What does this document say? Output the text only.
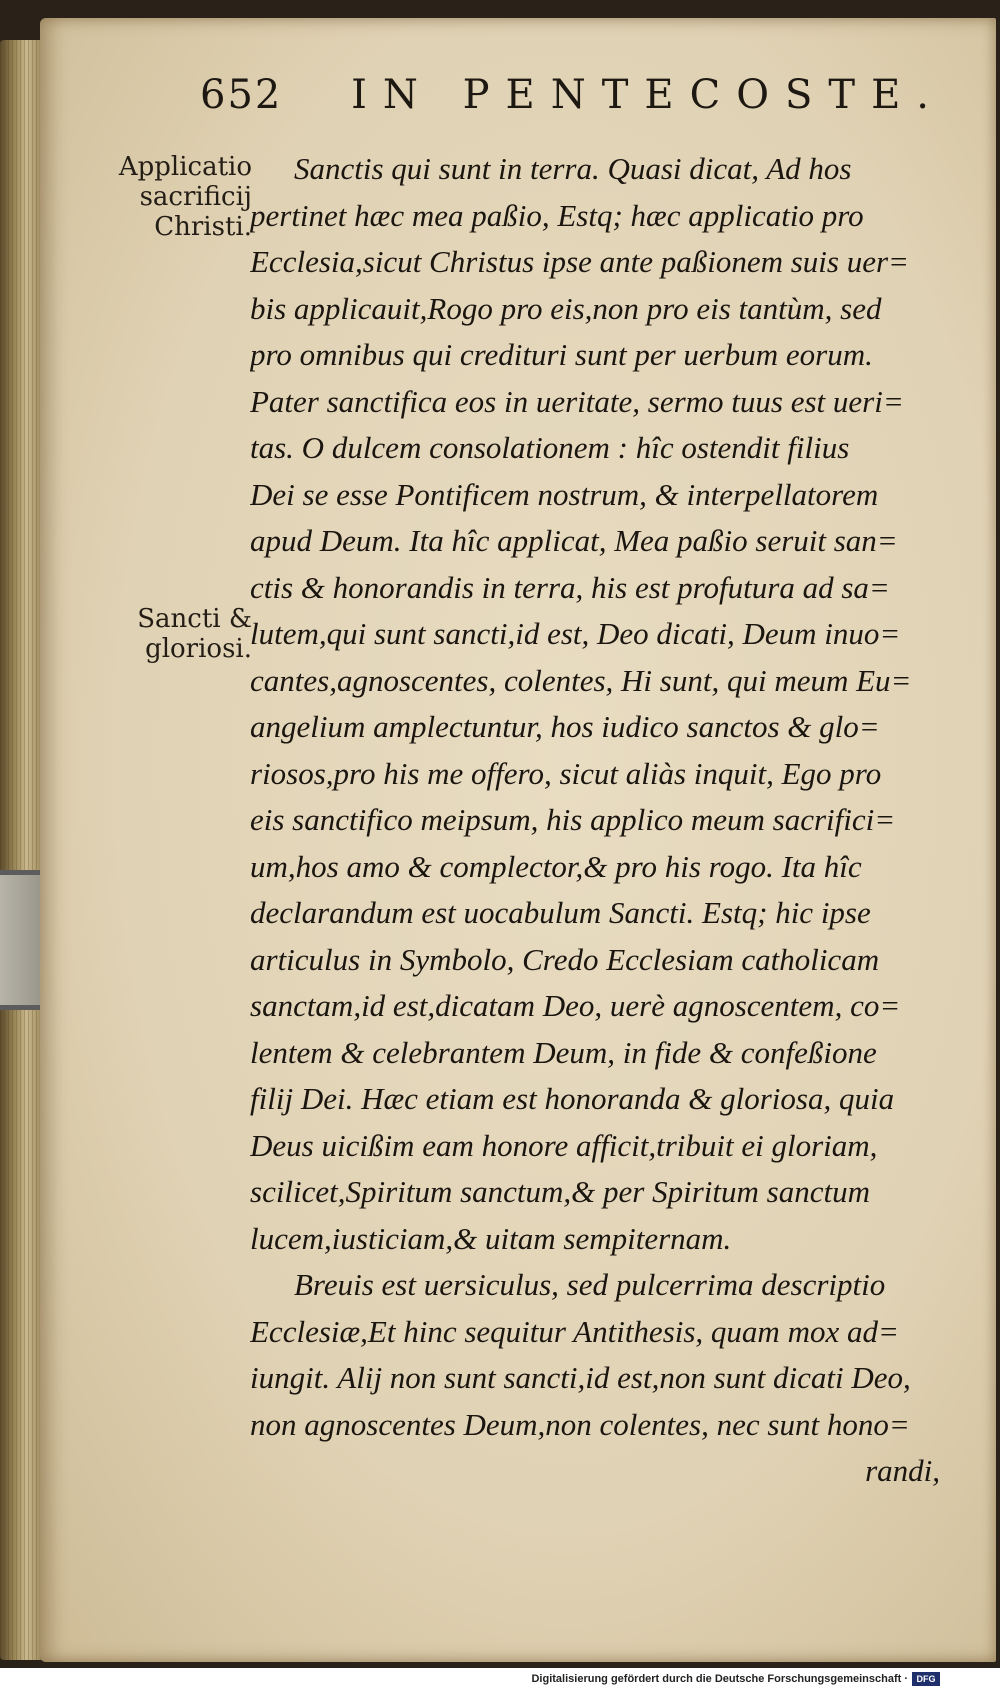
652 IN PENTECOSTE.
Applicatio sacrificij Christi.
Sancti & gloriosi.
Sanctis qui sunt in terra. Quasi dicat, Ad hos
pertinet hæc mea paßio, Estq; hæc applicatio pro
Ecclesia,sicut Christus ipse ante paßionem suis uer=
bis applicauit,Rogo pro eis,non pro eis tantùm, sed
pro omnibus qui credituri sunt per uerbum eorum.
Pater sanctifica eos in ueritate, sermo tuus est ueri=
tas. O dulcem consolationem : hîc ostendit filius
Dei se esse Pontificem nostrum, & interpellatorem
apud Deum. Ita hîc applicat, Mea paßio seruit san=
ctis & honorandis in terra, his est profutura ad sa=
lutem,qui sunt sancti,id est, Deo dicati, Deum inuo=
cantes,agnoscentes, colentes, Hi sunt, qui meum Eu=
angelium amplectuntur, hos iudico sanctos & glo=
riosos,pro his me offero, sicut aliàs inquit, Ego pro
eis sanctifico meipsum, his applico meum sacrifici=
um,hos amo & complector,& pro his rogo. Ita hîc
declarandum est uocabulum Sancti. Estq; hic ipse
articulus in Symbolo, Credo Ecclesiam catholicam
sanctam,id est,dicatam Deo, uerè agnoscentem, co=
lentem & celebrantem Deum, in fide & confeßione
filij Dei. Hæc etiam est honoranda & gloriosa, quia
Deus uicißim eam honore afficit,tribuit ei gloriam,
scilicet,Spiritum sanctum,& per Spiritum sanctum
lucem,iusticiam,& uitam sempiternam.
Breuis est uersiculus, sed pulcerrima descriptio
Ecclesiæ,Et hinc sequitur Antithesis, quam mox ad=
iungit. Alij non sunt sancti,id est,non sunt dicati Deo,
non agnoscentes Deum,non colentes, nec sunt hono=
randi,
Digitalisierung gefördert durch die Deutsche Forschungsgemeinschaft · DFG
